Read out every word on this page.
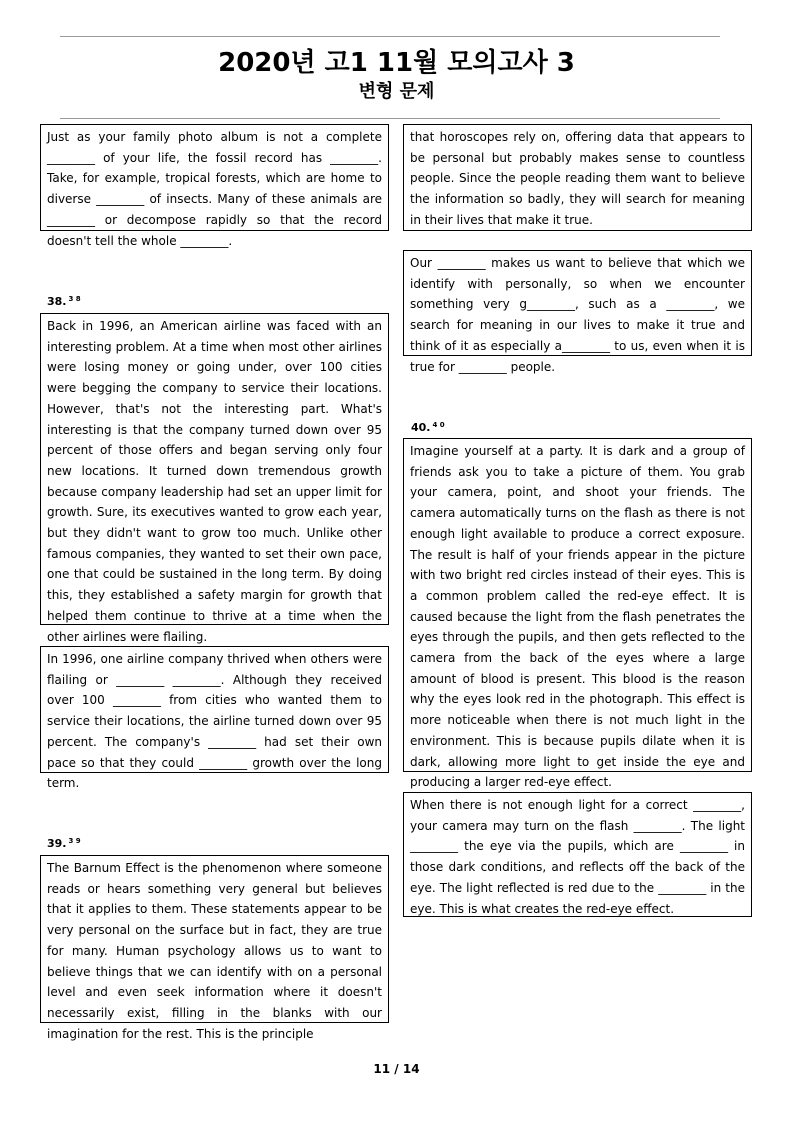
2020년 고1 11월 모의고사 3
변형 문제
Just as your family photo album is not a complete ________ of your life, the fossil record has ________. Take, for example, tropical forests, which are home to diverse ________ of insects. Many of these animals are ________ or decompose rapidly so that the record doesn't tell the whole ________.
38. $^{3 8}$
Back in 1996, an American airline was faced with an interesting problem. At a time when most other airlines were losing money or going under, over 100 cities were begging the company to service their locations. However, that's not the interesting part. What's interesting is that the company turned down over 95 percent of those offers and began serving only four new locations. It turned down tremendous growth because company leadership had set an upper limit for growth. Sure, its executives wanted to grow each year, but they didn't want to grow too much. Unlike other famous companies, they wanted to set their own pace, one that could be sustained in the long term. By doing this, they established a safety margin for growth that helped them continue to thrive at a time when the other airlines were flailing.
In 1996, one airline company thrived when others were flailing or ________ ________. Although they received over 100 ________ from cities who wanted them to service their locations, the airline turned down over 95 percent. The company's ________ had set their own pace so that they could ________ growth over the long term.
39. $^{3 9}$
The Barnum Effect is the phenomenon where someone reads or hears something very general but believes that it applies to them. These statements appear to be very personal on the surface but in fact, they are true for many. Human psychology allows us to want to believe things that we can identify with on a personal level and even seek information where it doesn't necessarily exist, filling in the blanks with our imagination for the rest. This is the principle
that horoscopes rely on, offering data that appears to be personal but probably makes sense to countless people. Since the people reading them want to believe the information so badly, they will search for meaning in their lives that make it true.
Our ________ makes us want to believe that which we identify with personally, so when we encounter something very g________, such as a ________, we search for meaning in our lives to make it true and think of it as especially a________ to us, even when it is true for ________ people.
40. $^{4 0}$
Imagine yourself at a party. It is dark and a group of friends ask you to take a picture of them. You grab your camera, point, and shoot your friends. The camera automatically turns on the flash as there is not enough light available to produce a correct exposure. The result is half of your friends appear in the picture with two bright red circles instead of their eyes. This is a common problem called the red-eye effect. It is caused because the light from the flash penetrates the eyes through the pupils, and then gets reflected to the camera from the back of the eyes where a large amount of blood is present. This blood is the reason why the eyes look red in the photograph. This effect is more noticeable when there is not much light in the environment. This is because pupils dilate when it is dark, allowing more light to get inside the eye and producing a larger red-eye effect.
When there is not enough light for a correct ________, your camera may turn on the flash ________. The light ________ the eye via the pupils, which are ________ in those dark conditions, and reflects off the back of the eye. The light reflected is red due to the ________ in the eye. This is what creates the red-eye effect.
11 / 14
